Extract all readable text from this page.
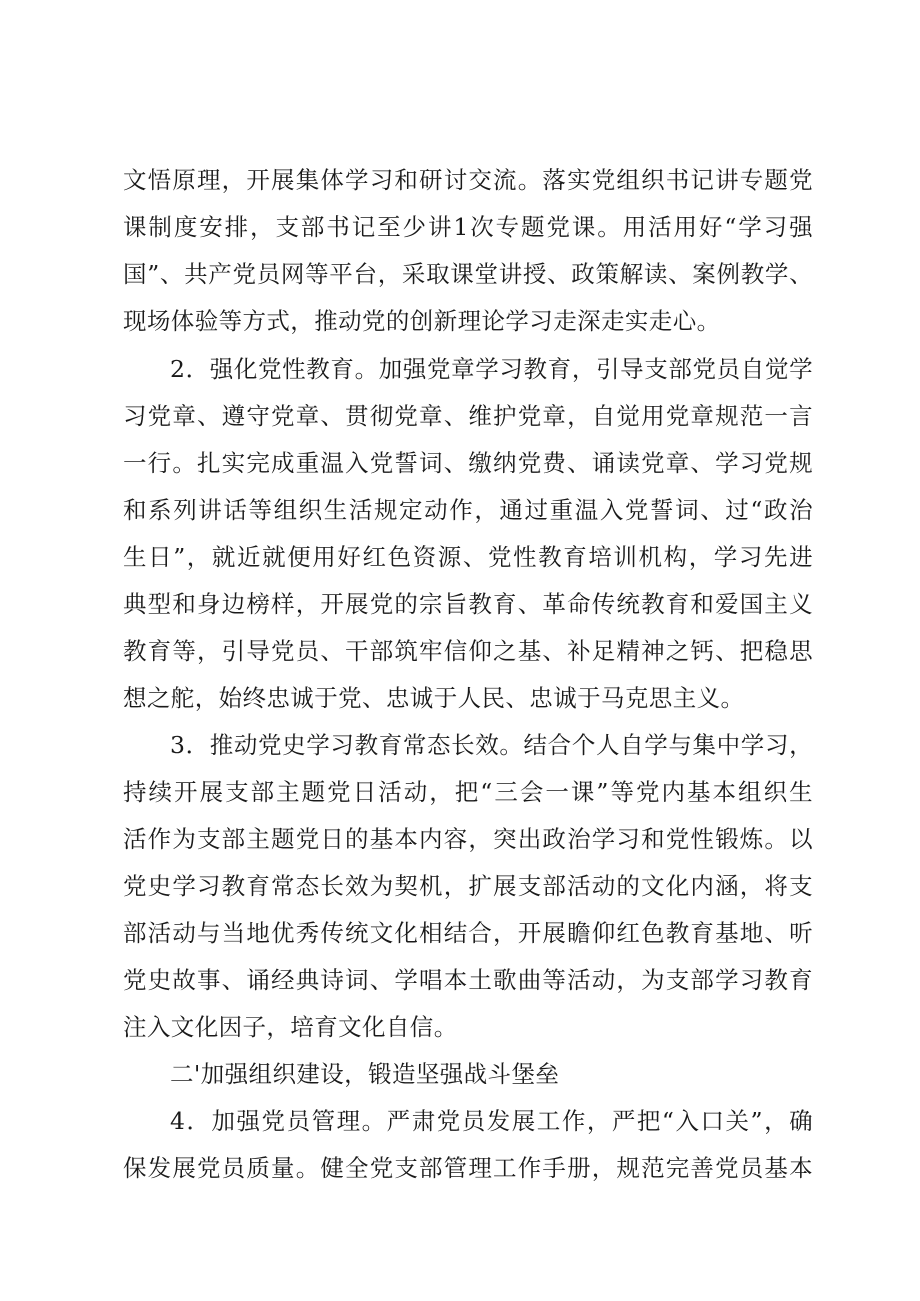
文悟原理，开展集体学习和研讨交流。落实党组织书记讲专题党
课制度安排，支部书记至少讲1次专题党课。用活用好“学习强
国”、共产党员网等平台，采取课堂讲授、政策解读、案例教学、
现场体验等方式，推动党的创新理论学习走深走实走心。
2．强化党性教育。加强党章学习教育，引导支部党员自觉学
习党章、遵守党章、贯彻党章、维护党章，自觉用党章规范一言
一行。扎实完成重温入党誓词、缴纳党费、诵读党章、学习党规
和系列讲话等组织生活规定动作，通过重温入党誓词、过“政治
生日”，就近就便用好红色资源、党性教育培训机构，学习先进
典型和身边榜样，开展党的宗旨教育、革命传统教育和爱国主义
教育等，引导党员、干部筑牢信仰之基、补足精神之钙、把稳思
想之舵，始终忠诚于党、忠诚于人民、忠诚于马克思主义。
3．推动党史学习教育常态长效。结合个人自学与集中学习，
持续开展支部主题党日活动，把“三会一课”等党内基本组织生
活作为支部主题党日的基本内容，突出政治学习和党性锻炼。以
党史学习教育常态长效为契机，扩展支部活动的文化内涵，将支
部活动与当地优秀传统文化相结合，开展瞻仰红色教育基地、听
党史故事、诵经典诗词、学唱本土歌曲等活动，为支部学习教育
注入文化因子，培育文化自信。
二'加强组织建设，锻造坚强战斗堡垒
4．加强党员管理。严肃党员发展工作，严把“入口关”，确
保发展党员质量。健全党支部管理工作手册，规范完善党员基本
